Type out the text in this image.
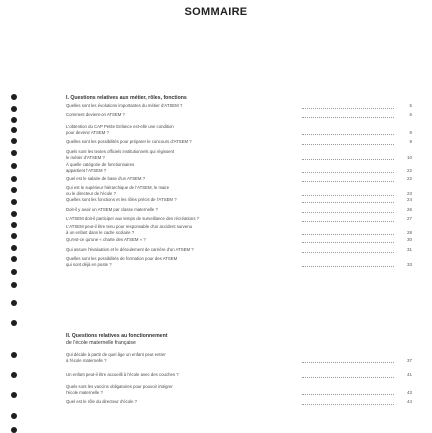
SOMMAIRE
I. Questions relatives aux métier, rôles, fonctions
Quelles sont les évolutions importantes du métier d'ATSEM ?	5
Comment devient-on ATSEM ?	6
L'obtention du CAP Petite Enfance est-elle une condition
pour devenir ATSEM ?	8
Quelles sont les possibilités pour préparer le concours d'ATSEM ?	9
Quels sont les textes officiels institutionnels qui régissent
le métier d'ATSEM ?	10
À quelle catégorie de fonctionnaires
appartient l'ATSEM ?	22
Quel est le salaire de base d'un ATSEM ?	22
Qui est le supérieur hiérarchique de l'ATSEM, le maire
ou le directeur de l'école ?	23
Quelles sont les fonctions et les rôles précis de l'ATSEM ?	24
Doit-il y avoir un ATSEM par classe maternelle ?	26
L'ATSEM doit-il participer aux temps de surveillance des récréations ?	27
L'ATSEM peut-il être tenu pour responsable d'un accident survenu
à un enfant dans le cadre scolaire ?	28
Qu'est-ce qu'une « charte des ATSEM » ?	30
Qui assure l'évaluation et le déroulement de carrière d'un ATSEM ?	31
Quelles sont les possibilités de formation pour des ATSEM
qui sont déjà en poste ?	33
II. Questions relatives au fonctionnement
de l'école maternelle française
Qui décide à partir de quel âge un enfant peut entrer
à l'école maternelle ?	37
Un enfant peut-il être accueilli à l'école avec des couches ?	41
Quels sont les vaccins obligatoires pour pouvoir intégrer
l'école maternelle ?	43
Quel est le rôle du directeur d'école ?	44
